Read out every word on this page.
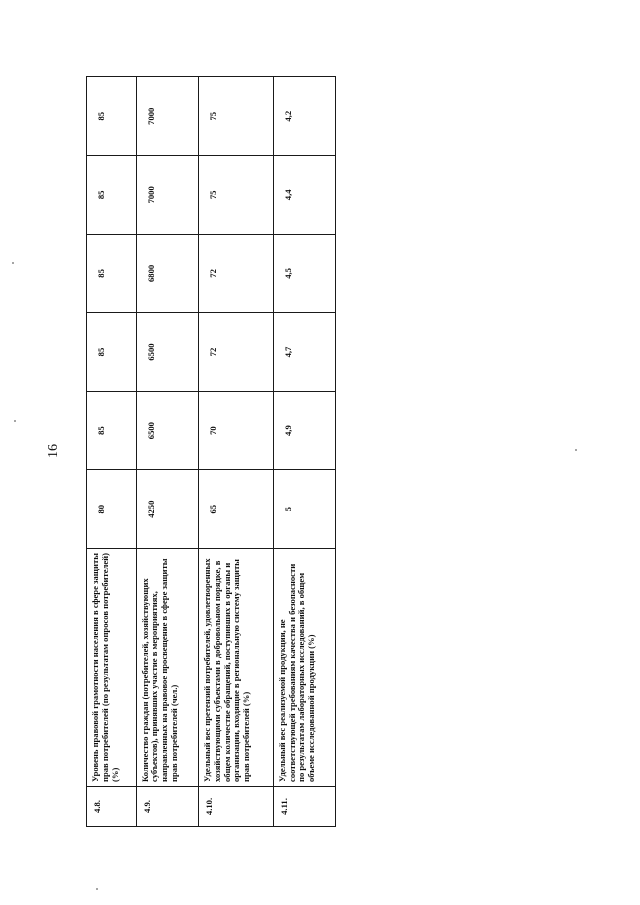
16
4.8.	Уровень правовой грамотности населения в сфере защиты прав потребителей (по результатам опросов потребителей) (%)	80	85	85	85	85	85
4.9.	Количество граждан (потребителей, хозяйствующих субъектов), принявших участие в мероприятиях, направленных на правовое просвещение в сфере защиты прав потребителей (чел.)	4250	6500	6500	6800	7000	7000
4.10.	Удельный вес претензий потребителей, удовлетворенных хозяйствующими субъектами в добровольном порядке, в общем количестве обращений, поступивших в органы и организации, входящие в региональную систему защиты прав потребителей (%)	65	70	72	72	75	75
4.11.	Удельный вес реализуемой продукции, не соответствующей требованиям качества и безопасности по результатам лабораторных исследований, в общем объеме исследованной продукции (%)	5	4,9	4,7	4,5	4,4	4,2
